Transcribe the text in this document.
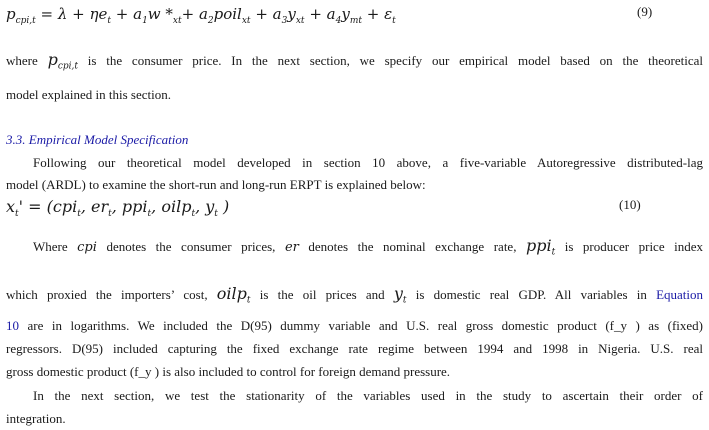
$p_{cpi,t} = \lambda + \eta e_t + a_1w$ $*_{xt}+$ $a_2poil_{xt} + a_3y_{xt} + a_4y_{mt} + \varepsilon_t$
(9)
where $p_{cpi,t}$ is the consumer price. In the next section, we specify our empirical model based on the theoretical
model explained in this section.
3.3. Empirical Model Specification
Following our theoretical model developed in section 10 above, a five-variable Autoregressive distributed-lag
model (ARDL) to examine the short-run and long-run ERPT is explained below:
$x_t' = (cpi_t$, $er_t$, ppi$_t$, oilp$_t$, $y_t$ )	(10)
Where cpi denotes the consumer prices, er denotes the nominal exchange rate, ppi$_t$ is producer price index
which proxied the importers’ cost, oilp$_t$ is the oil prices and $y_t$ is domestic real GDP. All variables in Equation
10 are in logarithms. We included the D(95) dummy variable and U.S. real gross domestic product (f_y ) as (fixed)
regressors. D(95) included capturing the fixed exchange rate regime between 1994 and 1998 in Nigeria. U.S. real
gross domestic product (f_y ) is also included to control for foreign demand pressure.
In the next section, we test the stationarity of the variables used in the study to ascertain their order of
integration.
